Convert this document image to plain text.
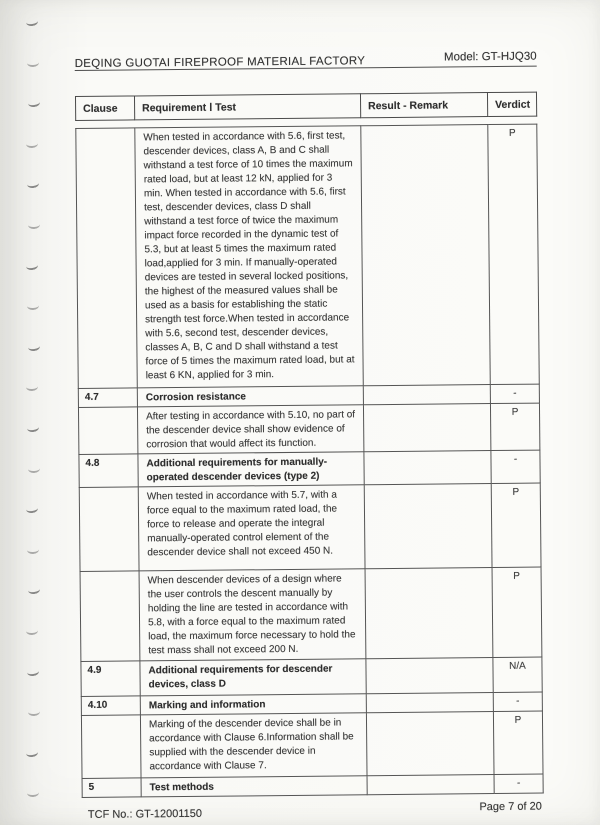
DEQING GUOTAI FIREPROOF MATERIAL FACTORY	Model: GT-HJQ30
Clause	Requirement Ⅰ Test	Result - Remark	Verdict
	When tested in accordance with 5.6, first test, descender devices, class A, B and C shall withstand a test force of 10 times the maximum rated load, but at least 12 kN, applied for 3 min. When tested in accordance with 5.6, first test, descender devices, class D shall withstand a test force of twice the maximum impact force recorded in the dynamic test of 5.3, but at least 5 times the maximum rated load,applied for 3 min. If manually-operated devices are tested in several locked positions, the highest of the measured values shall be used as a basis for establishing the static strength test force.When tested in accordance with 5.6, second test, descender devices, classes A, B, C and D shall withstand a test force of 5 times the maximum rated load, but at least 6 KN, applied for 3 min.		P
4.7	Corrosion resistance		-
	After testing in accordance with 5.10, no part of the descender device shall show evidence of corrosion that would affect its function.		P
4.8	Additional requirements for manually-operated descender devices (type 2)		-
	When tested in accordance with 5.7, with a force equal to the maximum rated load, the force to release and operate the integral manually-operated control element of the descender device shall not exceed 450 N.		P
	When descender devices of a design where the user controls the descent manually by holding the line are tested in accordance with 5.8, with a force equal to the maximum rated load, the maximum force necessary to hold the test mass shall not exceed 200 N.		P
4.9	Additional requirements for descender devices, class D		N/A
4.10	Marking and information		-
	Marking of the descender device shall be in accordance with Clause 6.Information shall be supplied with the descender device in accordance with Clause 7.		P
5	Test methods		-
TCF No.: GT-12001150
Page 7 of 20
